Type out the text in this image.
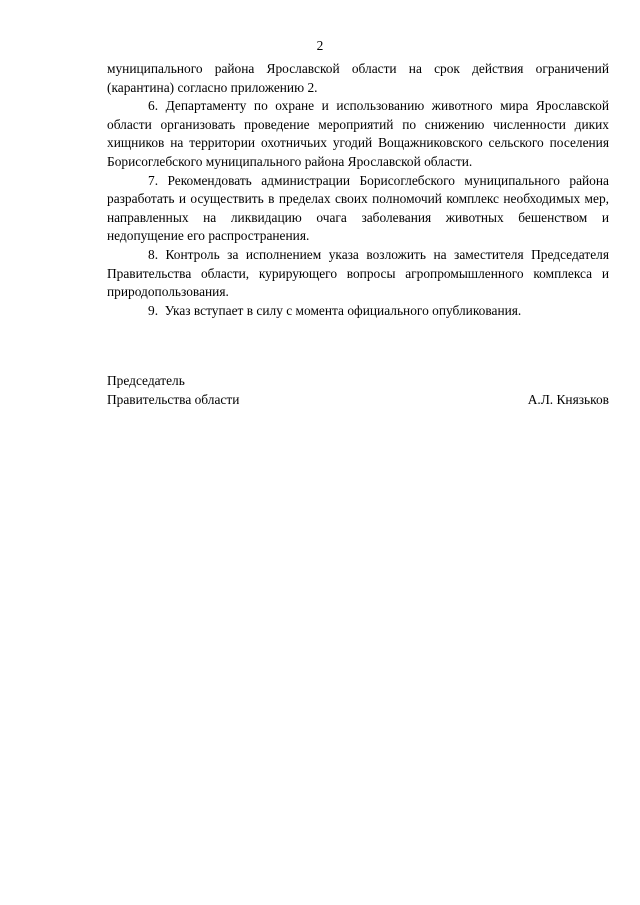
2

муниципального района Ярославской области на срок действия ограничений (карантина) согласно приложению 2.

6. Департаменту по охране и использованию животного мира Ярославской области организовать проведение мероприятий по снижению численности диких хищников на территории охотничьих угодий Вощажниковского сельского поселения Борисоглебского муниципального района Ярославской области.

7. Рекомендовать администрации Борисоглебского муниципального района разработать и осуществить в пределах своих полномочий комплекс необходимых мер, направленных на ликвидацию очага заболевания животных бешенством и недопущение его распространения.

8. Контроль за исполнением указа возложить на заместителя Председателя Правительства области, курирующего вопросы агропромышленного комплекса и природопользования.

9.  Указ вступает в силу с момента официального опубликования.

Председатель
Правительства области	А.Л. Князьков
